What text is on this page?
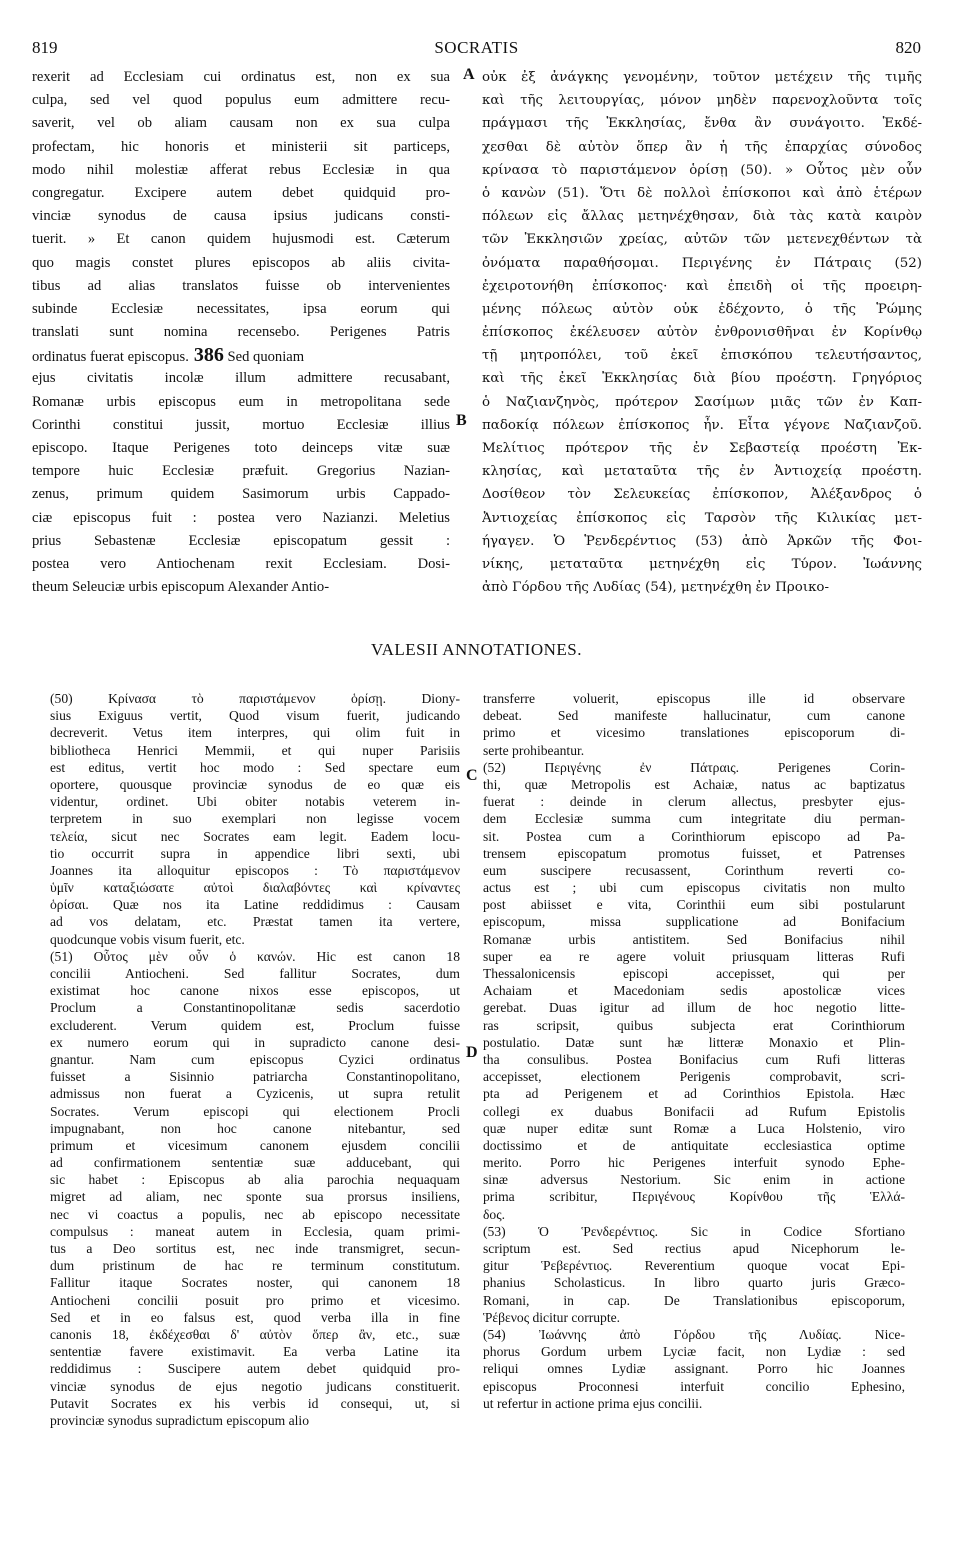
819	SOCRATIS	820
rexerit ad Ecclesiam cui ordinatus est, non ex sua
culpa, sed vel quod populus eum admittere recu-
saverit, vel ob aliam causam non ex sua culpa
profectam, hic honoris et ministerii sit particeps,
modo nihil molestiæ afferat rebus Ecclesiæ in qua
congregatur. Excipere autem debet quidquid pro-
vinciæ synodus de causa ipsius judicans consti-
tuerit. » Et canon quidem hujusmodi est. Cæterum
quo magis constet plures episcopos ab aliis civita-
tibus ad alias translatos fuisse ob intervenientes
subinde Ecclesiæ necessitates, ipsa eorum qui
translati sunt nomina recensebo. Perigenes Patris
ordinatus fuerat episcopus. 386 Sed quoniam
ejus civitatis incolæ illum admittere recusabant,
Romanæ urbis episcopus eum in metropolitana sede
Corinthi constitui jussit, mortuo Ecclesiæ illius
episcopo. Itaque Perigenes toto deinceps vitæ suæ
tempore huic Ecclesiæ præfuit. Gregorius Nazian-
zenus, primum quidem Sasimorum urbis Cappado-
ciæ episcopus fuit : postea vero Nazianzi. Meletius
prius Sebastenæ Ecclesiæ episcopatum gessit :
postea vero Antiochenam rexit Ecclesiam. Dosi-
theum Seleuciæ urbis episcopum Alexander Antio-
οὐκ ἐξ ἀνάγκης γενομένην, τοῦτον μετέχειν τῆς τιμῆς
καὶ τῆς λειτουργίας, μόνον μηδὲν παρενοχλοῦντα τοῖς
πράγμασι τῆς Ἐκκλησίας, ἔνθα ἂν συνάγοιτο. Ἐκδέ-
χεσθαι δὲ αὐτὸν ὅπερ ἂν ἡ τῆς ἐπαρχίας σύνοδος
κρίνασα τὸ παριστάμενον ὁρίσῃ (50). » Οὗτος μὲν οὖν
ὁ κανὼν (51). Ὅτι δὲ πολλοὶ ἐπίσκοποι καὶ ἀπὸ ἑτέρων
πόλεων εἰς ἄλλας μετηνέχθησαν, διὰ τὰς κατὰ καιρὸν
τῶν Ἐκκλησιῶν χρείας, αὐτῶν τῶν μετενεχθέντων τὰ
ὀνόματα παραθήσομαι. Περιγένης ἐν Πάτραις (52)
ἐχειροτονήθη ἐπίσκοπος· καὶ ἐπειδὴ οἱ τῆς προειρη-
μένης πόλεως αὐτὸν οὐκ ἐδέχοντο, ὁ τῆς Ῥώμης
ἐπίσκοπος ἐκέλευσεν αὐτὸν ἐνθρονισθῆναι ἐν Κορίνθῳ
τῇ μητροπόλει, τοῦ ἐκεῖ ἐπισκόπου τελευτήσαντος,
καὶ τῆς ἐκεῖ Ἐκκλησίας διὰ βίου προέστη. Γρηγόριος
ὁ Ναζιανζηνὸς, πρότερον Σασίμων μιᾶς τῶν ἐν Καπ-
παδοκίᾳ πόλεων ἐπίσκοπος ἦν. Εἶτα γέγονε Ναζιανζοῦ.
Μελίτιος πρότερον τῆς ἐν Σεβαστείᾳ προέστη Ἐκ-
κλησίας, καὶ μεταταῦτα τῆς ἐν Ἀντιοχείᾳ προέστη.
Δοσίθεον τὸν Σελευκείας ἐπίσκοπον, Ἀλέξανδρος ὁ
Ἀντιοχείας ἐπίσκοπος εἰς Ταρσὸν τῆς Κιλικίας μετ-
ήγαγεν. Ὁ Ῥενδερέντιος (53) ἀπὸ Ἀρκῶν τῆς Φοι-
νίκης, μεταταῦτα μετηνέχθη εἰς Τύρον. Ἰωάννης
ἀπὸ Γόρδου τῆς Λυδίας (54), μετηνέχθη ἐν Προικο-
A
B
C
D
VALESII ANNOTATIONES.
(50) Κρίνασα τὸ παριστάμενον ὁρίσῃ. Diony-
sius Exiguus vertit, Quod visum fuerit, judicando
decreverit. Vetus item interpres, qui olim fuit in
bibliotheca Henrici Memmii, et qui nuper Parisiis
est editus, vertit hoc modo : Sed spectare eum
oportere, quousque provinciæ synodus de eo quæ eis
videntur, ordinet. Ubi obiter notabis veterem in-
terpretem in suo exemplari non legisse vocem
τελεία, sicut nec Socrates eam legit. Eadem locu-
tio occurrit supra in appendice libri sexti, ubi
Joannes ita alloquitur episcopos : Τὸ παριστάμενον
ὑμῖν καταξιώσατε αὐτοὶ διαλαβόντες καὶ κρίναντες
ὁρίσαι. Quæ nos ita Latine reddidimus : Causam
ad vos delatam, etc. Præstat tamen ita vertere,
quodcunque vobis visum fuerit, etc.
(51) Οὗτος μὲν οὖν ὁ κανών. Hic est canon 18
concilii Antiocheni. Sed fallitur Socrates, dum
existimat hoc canone nixos esse episcopos, ut
Proclum a Constantinopolitanæ sedis sacerdotio
excluderent. Verum quidem est, Proclum fuisse
ex numero eorum qui in supradicto canone desi-
gnantur. Nam cum episcopus Cyzici ordinatus
fuisset a Sisinnio patriarcha Constantinopolitano,
admissus non fuerat a Cyzicenis, ut supra retulit
Socrates. Verum episcopi qui electionem Procli
impugnabant, non hoc canone nitebantur, sed
primum et vicesimum canonem ejusdem concilii
ad confirmationem sententiæ suæ adducebant, qui
sic habet : Episcopus ab alia parochia nequaquam
migret ad aliam, nec sponte sua prorsus insiliens,
nec vi coactus a populis, nec ab episcopo necessitate
compulsus : maneat autem in Ecclesia, quam primi-
tus a Deo sortitus est, nec inde transmigret, secun-
dum pristinum de hac re terminum constitutum.
Fallitur itaque Socrates noster, qui canonem 18
Antiocheni concilii posuit pro primo et vicesimo.
Sed et in eo falsus est, quod verba illa in fine
canonis 18, ἐκδέχεσθαι δ' αὐτὸν ὅπερ ἂν, etc., suæ
sententiæ favere existimavit. Ea verba Latine ita
reddidimus : Suscipere autem debet quidquid pro-
vinciæ synodus de ejus negotio judicans constituerit.
Putavit Socrates ex his verbis id consequi, ut, si
provinciæ synodus supradictum episcopum alio
transferre voluerit, episcopus ille id observare
debeat. Sed manifeste hallucinatur, cum canone
primo et vicesimo translationes episcoporum di-
serte prohibeantur.
(52) Περιγένης ἐν Πάτραις. Perigenes Corin-
thi, quæ Metropolis est Achaiæ, natus ac baptizatus
fuerat : deinde in clerum allectus, presbyter ejus-
dem Ecclesiæ summa cum integritate diu perman-
sit. Postea cum a Corinthiorum episcopo ad Pa-
trensem episcopatum promotus fuisset, et Patrenses
eum suscipere recusassent, Corinthum reverti co-
actus est ; ubi cum episcopus civitatis non multo
post abiisset e vita, Corinthii eum sibi postularunt
episcopum, missa supplicatione ad Bonifacium
Romanæ urbis antistitem. Sed Bonifacius nihil
super ea re agere voluit priusquam litteras Rufi
Thessalonicensis episcopi accepisset, qui per
Achaiam et Macedoniam sedis apostolicæ vices
gerebat. Duas igitur ad illum de hoc negotio litte-
ras scripsit, quibus subjecta erat Corinthiorum
postulatio. Datæ sunt hæ litteræ Monaxio et Plin-
tha consulibus. Postea Bonifacius cum Rufi litteras
accepisset, electionem Perigenis comprobavit, scri-
pta ad Perigenem et ad Corinthios Epistola. Hæc
collegi ex duabus Bonifacii ad Rufum Epistolis
quæ nuper editæ sunt Romæ a Luca Holstenio, viro
doctissimo et de antiquitate ecclesiastica optime
merito. Porro hic Perigenes interfuit synodo Ephe-
sinæ adversus Nestorium. Sic enim in actione
prima scribitur, Περιγένους Κορίνθου τῆς Ἑλλά-
δος.
(53) Ὁ Ῥενδερέντιος. Sic in Codice Sfortiano
scriptum est. Sed rectius apud Nicephorum le-
gitur Ῥεβερέντιος. Reverentium quoque vocat Epi-
phanius Scholasticus. In libro quarto juris Græco-
Romani, in cap. De Translationibus episcoporum,
Ῥέβενος dicitur corrupte.
(54) Ἰωάννης ἀπὸ Γόρδου τῆς Λυδίας. Nice-
phorus Gordum urbem Lyciæ facit, non Lydiæ : sed
reliqui omnes Lydiæ assignant. Porro hic Joannes
episcopus Proconnesi interfuit concilio Ephesino,
ut refertur in actione prima ejus concilii.
